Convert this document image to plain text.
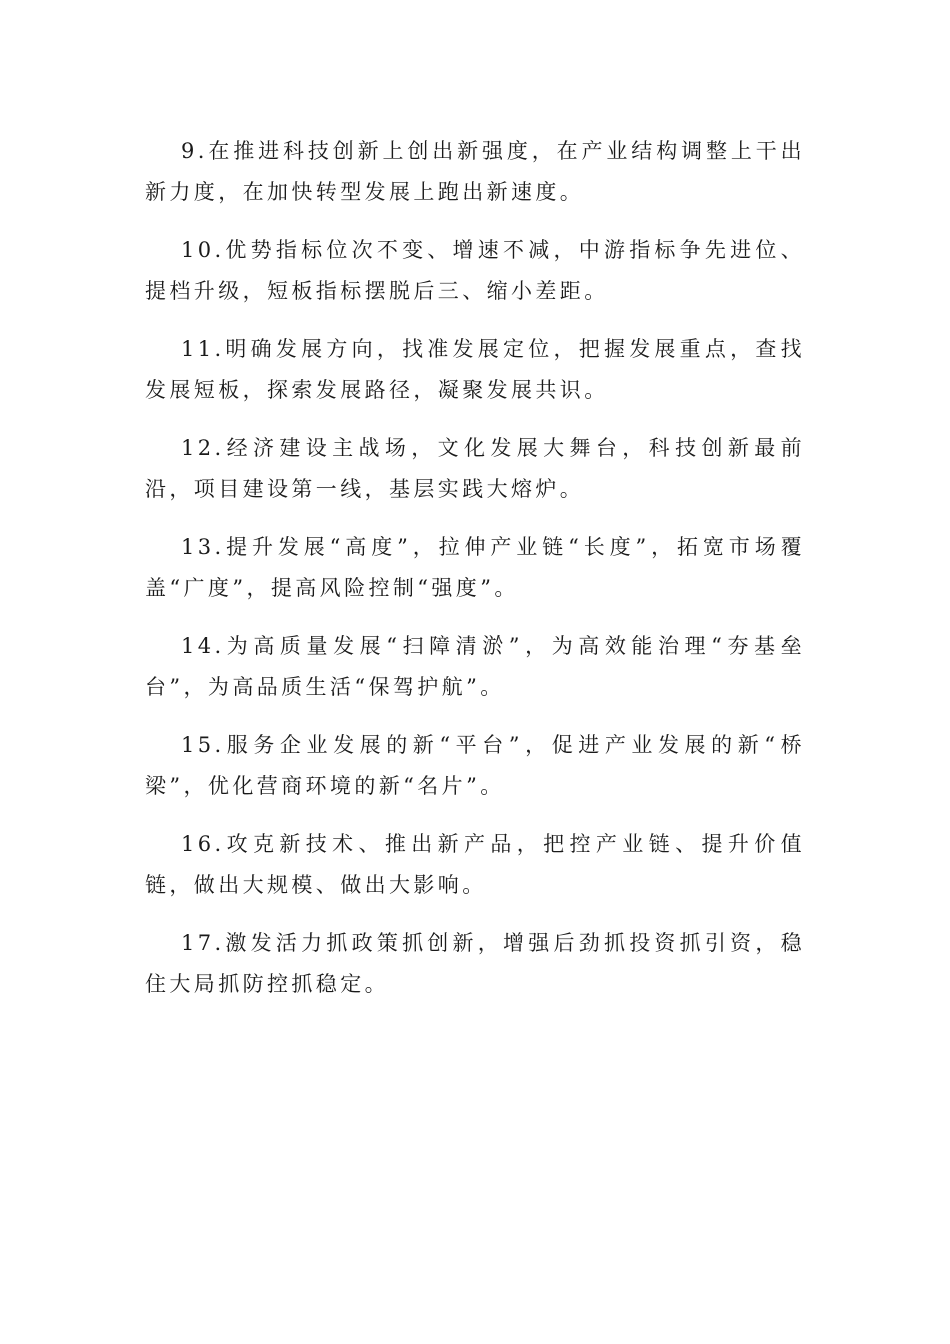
9.在推进科技创新上创出新强度，在产业结构调整上干出新力度，在加快转型发展上跑出新速度。

10.优势指标位次不变、增速不减，中游指标争先进位、提档升级，短板指标摆脱后三、缩小差距。

11.明确发展方向，找准发展定位，把握发展重点，查找发展短板，探索发展路径，凝聚发展共识。

12.经济建设主战场，文化发展大舞台，科技创新最前沿，项目建设第一线，基层实践大熔炉。

13.提升发展“高度”，拉伸产业链“长度”，拓宽市场覆盖“广度”，提高风险控制“强度”。

14.为高质量发展“扫障清淤”，为高效能治理“夯基垒台”，为高品质生活“保驾护航”。

15.服务企业发展的新“平台”，促进产业发展的新“桥梁”，优化营商环境的新“名片”。

16.攻克新技术、推出新产品，把控产业链、提升价值链，做出大规模、做出大影响。

17.激发活力抓政策抓创新，增强后劲抓投资抓引资，稳住大局抓防控抓稳定。
